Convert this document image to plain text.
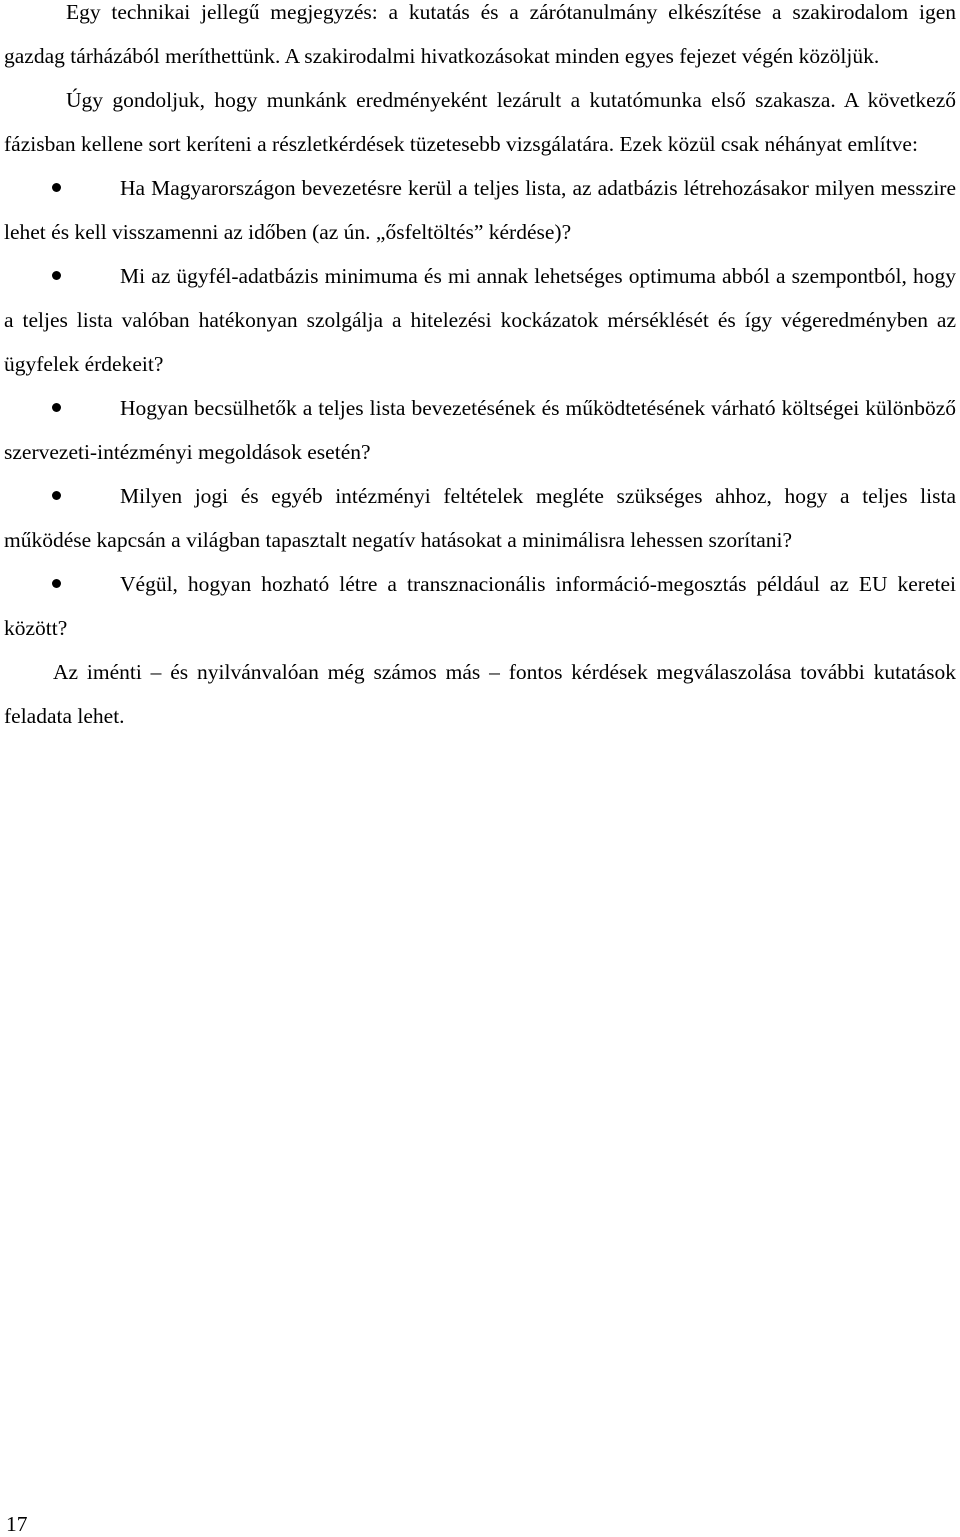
Egy technikai jellegű megjegyzés: a kutatás és a zárótanulmány elkészítése a szakirodalom igen gazdag tárházából meríthettünk. A szakirodalmi hivatkozásokat minden egyes fejezet végén közöljük.

Úgy gondoljuk, hogy munkánk eredményeként lezárult a kutatómunka első szakasza. A következő fázisban kellene sort keríteni a részletkérdések tüzetesebb vizsgálatára. Ezek közül csak néhányat említve:

Ha Magyarországon bevezetésre kerül a teljes lista, az adatbázis létrehozásakor milyen messzire lehet és kell visszamenni az időben (az ún. „ősfeltöltés” kérdése)?

Mi az ügyfél-adatbázis minimuma és mi annak lehetséges optimuma abból a szempontból, hogy a teljes lista valóban hatékonyan szolgálja a hitelezési kockázatok mérséklését és így végeredményben az ügyfelek érdekeit?

Hogyan becsülhetők a teljes lista bevezetésének és működtetésének várható költségei különböző szervezeti-intézményi megoldások esetén?

Milyen jogi és egyéb intézményi feltételek megléte szükséges ahhoz, hogy a teljes lista működése kapcsán a világban tapasztalt negatív hatásokat a minimálisra lehessen szorítani?

Végül, hogyan hozható létre a transznacionális információ-megosztás például az EU keretei között?

Az iménti – és nyilvánvalóan még számos más – fontos kérdések megválaszolása további kutatások feladata lehet.

17
